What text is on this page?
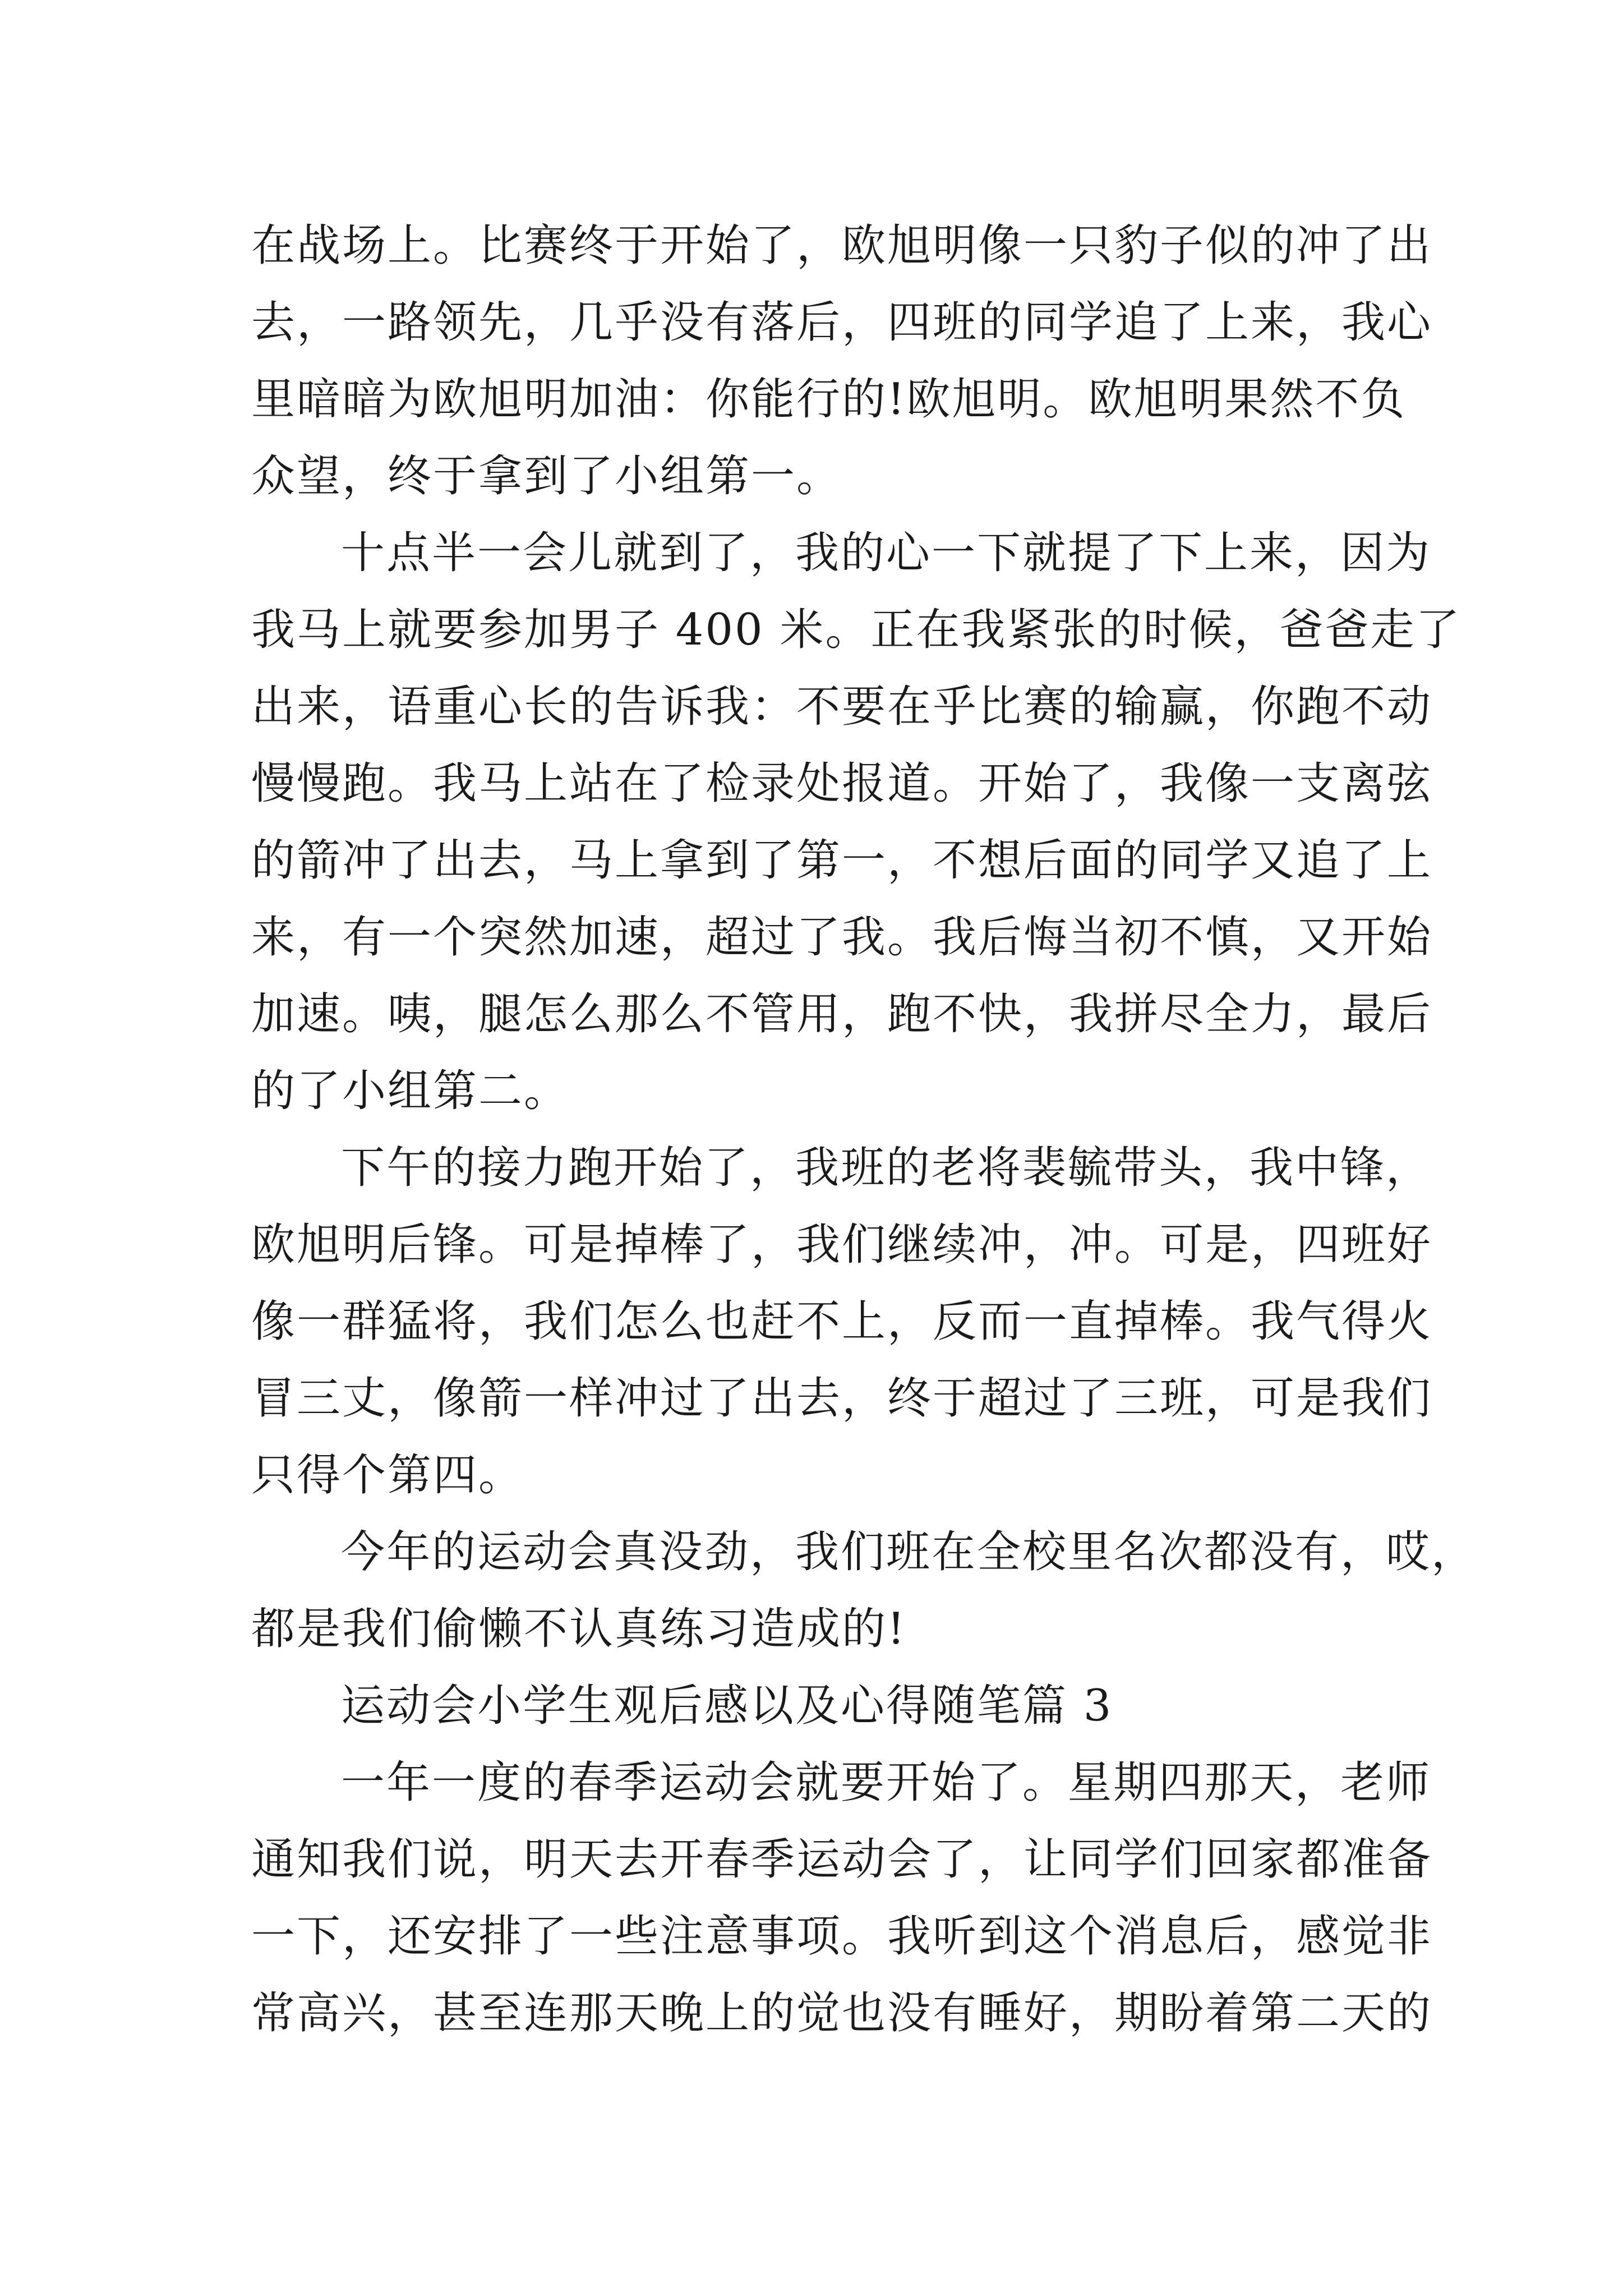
在战场上。比赛终于开始了，欧旭明像一只豹子似的冲了出
去，一路领先，几乎没有落后，四班的同学追了上来，我心
里暗暗为欧旭明加油：你能行的!欧旭明。欧旭明果然不负
众望，终于拿到了小组第一。
十点半一会儿就到了，我的心一下就提了下上来，因为
我马上就要参加男子 400 米。正在我紧张的时候，爸爸走了
出来，语重心长的告诉我：不要在乎比赛的输赢，你跑不动
慢慢跑。我马上站在了检录处报道。开始了，我像一支离弦
的箭冲了出去，马上拿到了第一，不想后面的同学又追了上
来，有一个突然加速，超过了我。我后悔当初不慎，又开始
加速。咦，腿怎么那么不管用，跑不快，我拼尽全力，最后
的了小组第二。
下午的接力跑开始了，我班的老将裴毓带头，我中锋，
欧旭明后锋。可是掉棒了，我们继续冲，冲。可是，四班好
像一群猛将，我们怎么也赶不上，反而一直掉棒。我气得火
冒三丈，像箭一样冲过了出去，终于超过了三班，可是我们
只得个第四。
今年的运动会真没劲，我们班在全校里名次都没有，哎，
都是我们偷懒不认真练习造成的!
运动会小学生观后感以及心得随笔篇 3
一年一度的春季运动会就要开始了。星期四那天，老师
通知我们说，明天去开春季运动会了，让同学们回家都准备
一下，还安排了一些注意事项。我听到这个消息后，感觉非
常高兴，甚至连那天晚上的觉也没有睡好，期盼着第二天的
